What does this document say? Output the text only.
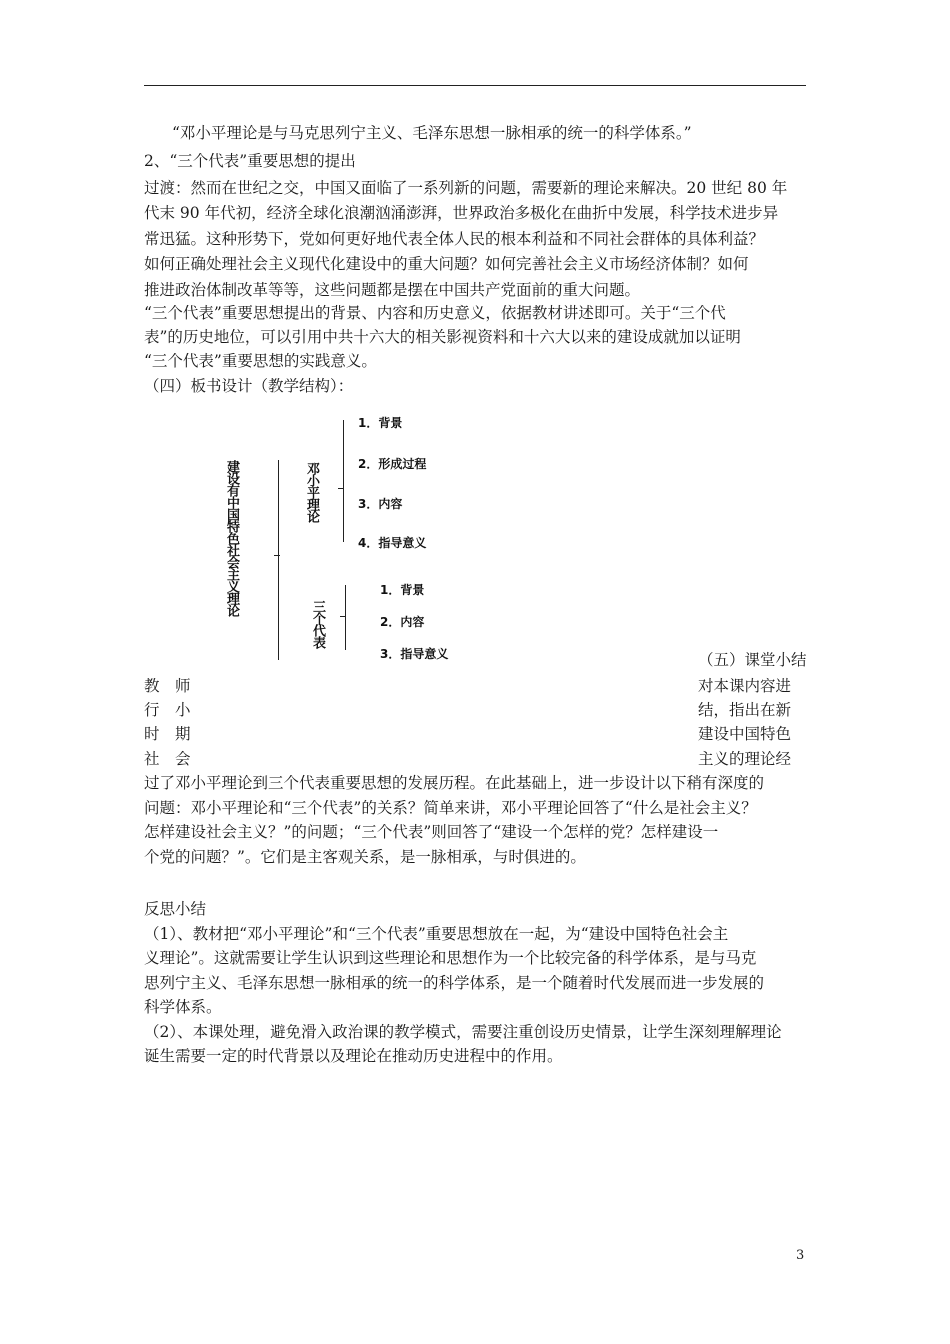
“邓小平理论是与马克思列宁主义、毛泽东思想一脉相承的统一的科学体系。”
2、“三个代表”重要思想的提出
过渡：然而在世纪之交，中国又面临了一系列新的问题，需要新的理论来解决。20 世纪 80 年
代末 90 年代初，经济全球化浪潮汹涌澎湃，世界政治多极化在曲折中发展，科学技术进步异
常迅猛。这种形势下，党如何更好地代表全体人民的根本利益和不同社会群体的具体利益？
如何正确处理社会主义现代化建设中的重大问题？如何完善社会主义市场经济体制？如何
推进政治体制改革等等，这些问题都是摆在中国共产党面前的重大问题。
“三个代表”重要思想提出的背景、内容和历史意义，依据教材讲述即可。关于“三个代
表”的历史地位，可以引用中共十六大的相关影视资料和十六大以来的建设成就加以证明
“三个代表”重要思想的实践意义。
（四）板书设计（教学结构）：
建设有中国特色社会主义理论	邓小平理论
1．背景
2．形成过程
3．内容
4．指导意义
三个代表
1．背景
2．内容
3．指导意义	（五）课堂小结
对本课内容进
结，指出在新
建设中国特色
主义的理论经
教　师
行　小
时　期
社　会
过了邓小平理论到三个代表重要思想的发展历程。在此基础上，进一步设计以下稍有深度的
问题：邓小平理论和“三个代表”的关系？简单来讲，邓小平理论回答了“什么是社会主义？
怎样建设社会主义？”的问题；“三个代表”则回答了“建设一个怎样的党？怎样建设一
个党的问题？”。它们是主客观关系，是一脉相承，与时俱进的。
反思小结
（1）、教材把“邓小平理论”和“三个代表”重要思想放在一起，为“建设中国特色社会主
义理论”。这就需要让学生认识到这些理论和思想作为一个比较完备的科学体系，是与马克
思列宁主义、毛泽东思想一脉相承的统一的科学体系，是一个随着时代发展而进一步发展的
科学体系。
（2）、本课处理，避免滑入政治课的教学模式，需要注重创设历史情景，让学生深刻理解理论
诞生需要一定的时代背景以及理论在推动历史进程中的作用。
3
